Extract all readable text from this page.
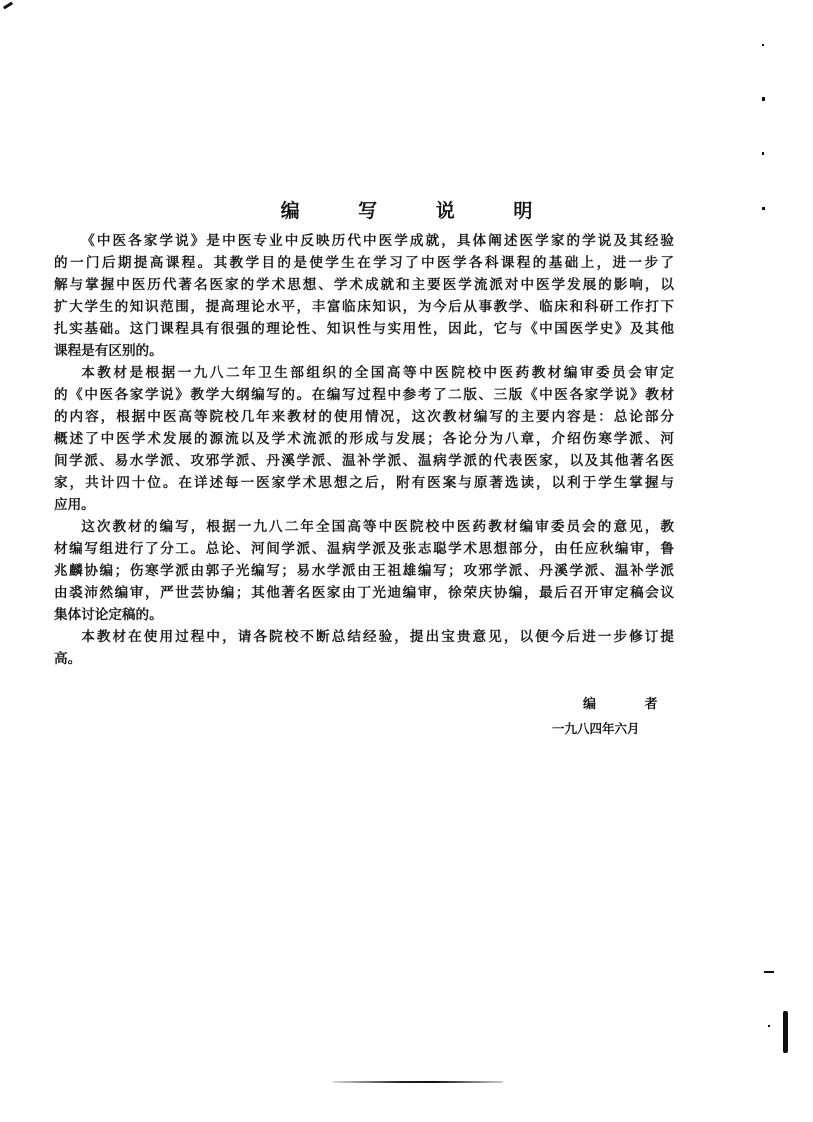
编 写 说 明

《中医各家学说》是中医专业中反映历代中医学成就，具体阐述医学家的学说及其经验
的一门后期提高课程。其教学目的是使学生在学习了中医学各科课程的基础上，进一步了
解与掌握中医历代著名医家的学术思想、学术成就和主要医学流派对中医学发展的影响，以
扩大学生的知识范围，提高理论水平，丰富临床知识，为今后从事教学、临床和科研工作打下
扎实基础。这门课程具有很强的理论性、知识性与实用性，因此，它与《中国医学史》及其他
课程是有区别的。

本教材是根据一九八二年卫生部组织的全国高等中医院校中医药教材编审委员会审定
的《中医各家学说》教学大纲编写的。在编写过程中参考了二版、三版《中医各家学说》教材
的内容，根据中医高等院校几年来教材的使用情况，这次教材编写的主要内容是：总论部分
概述了中医学术发展的源流以及学术流派的形成与发展；各论分为八章，介绍伤寒学派、河
间学派、易水学派、攻邪学派、丹溪学派、温补学派、温病学派的代表医家，以及其他著名医
家，共计四十位。在详述每一医家学术思想之后，附有医案与原著选读，以利于学生掌握与
应用。

这次教材的编写，根据一九八二年全国高等中医院校中医药教材编审委员会的意见，教
材编写组进行了分工。总论、河间学派、温病学派及张志聪学术思想部分，由任应秋编审，鲁
兆麟协编；伤寒学派由郭子光编写；易水学派由王祖雄编写；攻邪学派、丹溪学派、温补学派
由裘沛然编审，严世芸协编；其他著名医家由丁光迪编审，徐荣庆协编，最后召开审定稿会议
集体讨论定稿的。

本教材在使用过程中，请各院校不断总结经验，提出宝贵意见，以便今后进一步修订提
高。

编 者
一九八四年六月
